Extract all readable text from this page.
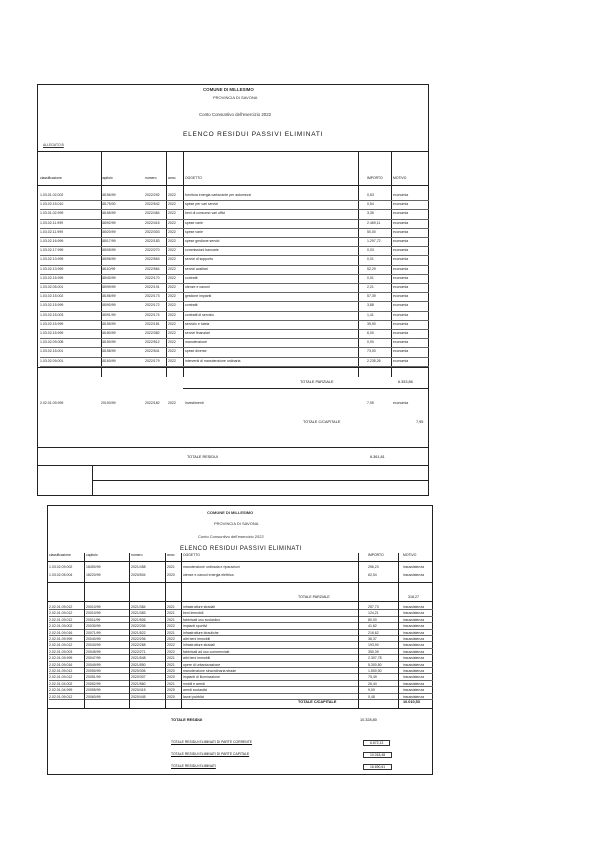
COMUNE DI MILLESIMO
PROVINCIA DI SAVONA
Conto Consuntivo dell'esercizio 2022
ELENCO RESIDUI PASSIVI ELIMINATI
ALLEGATO B
classificazione	capitolo	numero	anno	OGGETTO	IMPORTO	MOTIVO
1.03.01.02.002	18156/99	2022/292 2022	fornitura energia carburante per automezzi	0,53	economia
1.03.02.15.010	18175/00	2022/542 2022	spese per vari servizi	0,54	economia
1.03.01.02.999	18165/99	2022/484 2022	beni di consumo vari uffici	3,35	economia
1.03.02.11.999	18092/99	2022/415 2022	spese varie	2.469,11	economia
1.03.02.11.999	18020/99	2022/303 2022	spese varie	50,00	economia
1.03.02.16.999	18017/99	2022/183 2022	spese gestione servizi	1.297,72	economia
1.03.02.17.999	18005/99	2022/270 2022	commissioni bancarie	0,03	economia
1.03.02.13.999	18096/99	2022/563 2022	servizi di supporto	0,01	economia
1.03.02.13.999	18110/99	2022/564 2022	servizi ausiliari	52,29	economia
1.03.02.15.999	18040/99	2022/170 2022	contratti	0,01	economia
1.03.02.05.001	18099/99	2022/191 2022	utenze e canoni	2,21	economia
1.03.02.15.002	18156/99	2022/173 2022	gestione impianti	57,39	economia
1.03.02.15.999	18090/99	2022/172 2022	contratti	3,88	economia
1.03.02.15.003	18091/99	2022/174 2022	contratti di servizio	1,41	economia
1.03.02.15.999	18155/99	2022/181 2022	servizio e tutela	35,90	economia
1.03.02.15.999	18180/99	2022/382 2022	servizi finanziari	6,00	economia
1.03.02.09.008	18150/99	2022/512 2022	manutenzione	0,90	economia
1.03.02.15.001	18158/99	2022/541 2022	spese diverse	73,00	economia
1.03.02.09.001	18160/99	2022/179 2022	interventi di manutenzione ordinaria	2.235,26	economia
TOTALE PARZIALE	6.353,86
2.02.01.09.999	20100/99	2022/182 2022	investimenti	7,95	economia
TOTALE C/CAPITALE	7,95
TOTALE RESIDUI	6.361,81
COMUNE DI MILLESIMO
PROVINCIA DI SAVONA
Conto Consuntivo dell'esercizio 2022
ELENCO RESIDUI PASSIVI ELIMINATI
classificazione	capitolo	numero	anno OGGETTO	IMPORTO	MOTIVO
1.03.02.09.002	18450/99	2021/458	2021 manutenzione ordinaria e riparazioni	256,23	insussistenza
1.03.02.05.004	18220/99	2020/504	2020 utenze e canoni energia elettrica	62,04	insussistenza
TOTALE PARZIALE	318,27
2.02.01.09.012	20010/99	2021/384	2021 infrastrutture stradali	257,73	insussistenza
2.02.01.09.012	20010/99	2021/383	2021 beni immobili	124,21	insussistenza
2.02.01.09.012	20011/99	2021/506	2021 fabbricati uso scolastico	80,00	insussistenza
2.02.01.09.002	20030/99	2022/206	2022 impianti sportivi	41,62	insussistenza
2.02.01.09.016	20071/99	2021/522	2021 infrastrutture idrauliche	216,62	insussistenza
2.02.01.09.999	20040/99	2022/206	2022 altri beni immobili	36,37	insussistenza
2.02.01.09.012	20043/99	2022/268	2022 infrastrutture stradali	193,90	insussistenza
2.02.01.09.003	20045/99	2022/271	2022 fabbricati ad uso commerciale	350,39	insussistenza
2.02.01.09.999	20047/99	2021/548	2021 altri beni immobili	2.307,78	insussistenza
2.02.01.09.016	20049/99	2021/550	2021 opere di urbanizzazione	5.300,50	insussistenza
2.02.01.09.012	20050/99	2020/306	2020 manutenzione straordinaria strade	1.500,00	insussistenza
2.02.01.09.012	20051/99	2020/307	2020 impianti di illuminazione	75,49	insussistenza
2.02.01.04.002	20052/99	2021/560	2021 mobili e arredi	26,44	insussistenza
2.02.01.04.999	20055/99	2020/415	2020 arredi scolastici	9,00	insussistenza
2.02.01.09.012	20060/99	2020/445	2020 lavori pubblici	0,48	insussistenza
TOTALE C/CAPITALE	10.010,53
TOTALE RESIDUI	10.328,80
TOTALE RESIDUI ELIMINATI DI PARTE CORRENTE	6.672,13
TOTALE RESIDUI ELIMINATI DI PARTE CAPITALE	10.018,48
TOTALE RESIDUI ELIMINATI	16.690,61
